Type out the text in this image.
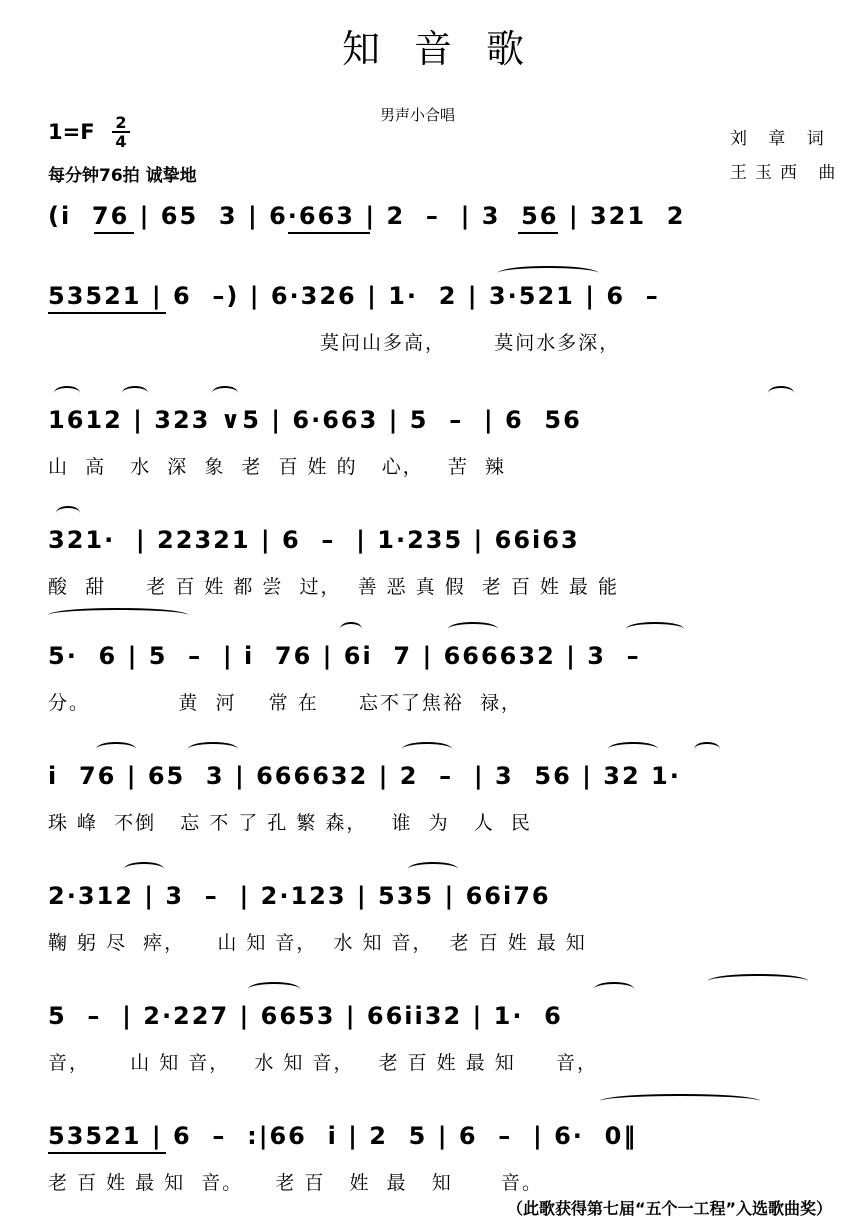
知音歌
男声小合唱
$1=F \frac{2}{4}$
每分钟76拍 诚挚地
刘 章 词
王玉西 曲
(i  76 | 65  3 | 6·663 | 2  –  | 3  56 | 321  2
53521 | 6  –) | 6·326 | 1·  2 | 3·521 | 6  –
莫问山多高，      莫问水多深，
1612 | 323 ∨5 | 6·663 | 5  –  | 6  56
山  高   水  深  象  老  百 姓 的   心，   苦  辣
321·  | 22321 | 6  –  | 1·235 | 66i63
酸  甜     老 百 姓 都 尝  过，  善 恶 真 假  老 百 姓 最 能
5·  6 | 5  –  | i  76 | 6i  7 | 666632 | 3  –
分。           黄  河    常 在     忘不了焦裕  禄，
i  76 | 65  3 | 666632 | 2  –  | 3  56 | 32 1·
珠 峰  不倒   忘 不 了 孔 繁 森，   谁  为   人  民
2·312 | 3  –  | 2·123 | 535 | 66i76
鞠 躬 尽  瘁，    山 知 音，  水 知 音，  老 百 姓 最 知
5  –  | 2·227 | 6653 | 66ii32 | 1·  6
音，     山 知 音，   水 知 音，   老 百 姓 最 知     音，
53521 | 6  –  :|66  i | 2  5 | 6  –  | 6·  0‖
老 百 姓 最 知  音。    老 百   姓  最   知      音。
（此歌获得第七届“五个一工程”入选歌曲奖）
